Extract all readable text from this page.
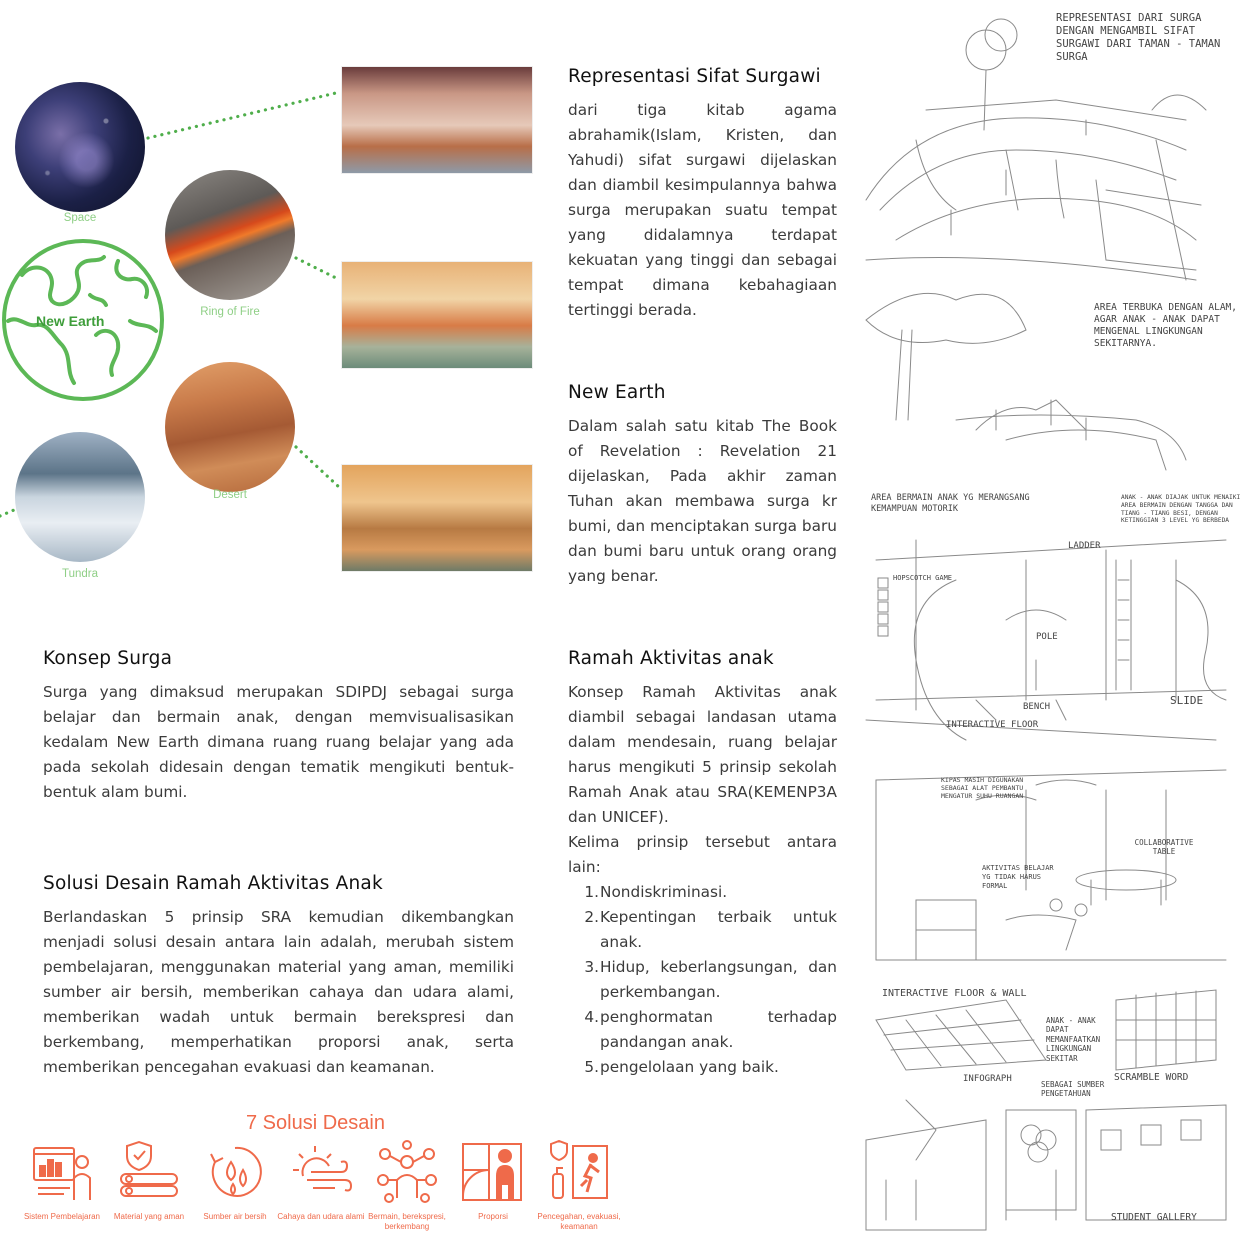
Space
Ring of Fire
New Earth
Desert
Tundra
Representasi Sifat Surgawi

dari tiga kitab agama abrahamik(Islam, Kristen, dan Yahudi) sifat surgawi dijelaskan dan diambil kesimpulannya bahwa surga merupakan suatu tempat yang didalamnya terdapat kekuatan yang tinggi dan sebagai tempat dimana kebahagiaan tertinggi berada.

New Earth

Dalam salah satu kitab The Book of Revelation : Revelation 21 dijelaskan, Pada akhir zaman Tuhan akan membawa surga kr bumi, dan menciptakan surga baru dan bumi baru untuk orang orang yang benar.

Konsep Surga

Surga yang dimaksud merupakan SDIPDJ sebagai surga belajar dan bermain anak, dengan memvisualisasikan kedalam New Earth dimana ruang ruang belajar yang ada pada sekolah didesain dengan tematik mengikuti bentuk-bentuk alam bumi.

Solusi Desain Ramah Aktivitas Anak

Berlandaskan 5 prinsip SRA kemudian dikembangkan menjadi solusi desain antara lain adalah, merubah sistem pembelajaran, menggunakan material yang aman, memiliki sumber air bersih, memberikan cahaya dan udara alami, memberikan wadah untuk bermain berekspresi dan berkembang, memperhatikan proporsi anak, serta memberikan pencegahan evakuasi dan keamanan.

Ramah Aktivitas anak

Konsep Ramah Aktivitas anak diambil sebagai landasan utama dalam mendesain, ruang belajar harus mengikuti 5 prinsip sekolah Ramah Anak atau SRA(KEMENP3A dan UNICEF).

Kelima prinsip tersebut antara lain:

1. Nondiskriminasi.
2. Kepentingan terbaik untuk anak.
3. Hidup, keberlangsungan, dan perkembangan.
4. penghormatan terhadap pandangan anak.
5. pengelolaan yang baik.
7 Solusi Desain
Sistem Pembelajaran	Material yang aman	Sumber air bersih	Cahaya dan udara alami Bermain, berekspresi, berkembang
Proporsi	Pencegahan, evakuasi, keamanan
REPRESENTASI DARI SURGA DENGAN MENGAMBIL SIFAT SURGAWI DARI TAMAN - TAMAN SURGA
AREA TERBUKA DENGAN ALAM, AGAR ANAK - ANAK DAPAT MENGENAL LINGKUNGAN SEKITARNYA.
AREA BERMAIN ANAK YG MERANGSANG KEMAMPUAN MOTORIK
ANAK - ANAK DIAJAK UNTUK MENAIKI AREA BERMAIN DENGAN TANGGA DAN TIANG - TIANG BESI, DENGAN KETINGGIAN 3 LEVEL YG BERBEDA
LADDER
HOPSCOTCH GAME
POLE
BENCH	SLIDE
INTERACTIVE FLOOR
KIPAS MASIH DIGUNAKAN SEBAGAI ALAT PEMBANTU MENGATUR SUHU RUANGAN
COLLABORATIVE TABLE
AKTIVITAS BELAJAR YG TIDAK HARUS FORMAL
INTERACTIVE FLOOR & WALL
ANAK - ANAK DAPAT MEMANFAATKAN LINGKUNGAN SEKITAR
INFOGRAPH
SEBAGAI SUMBER PENGETAHUAN
SCRAMBLE WORD
STUDENT GALLERY
